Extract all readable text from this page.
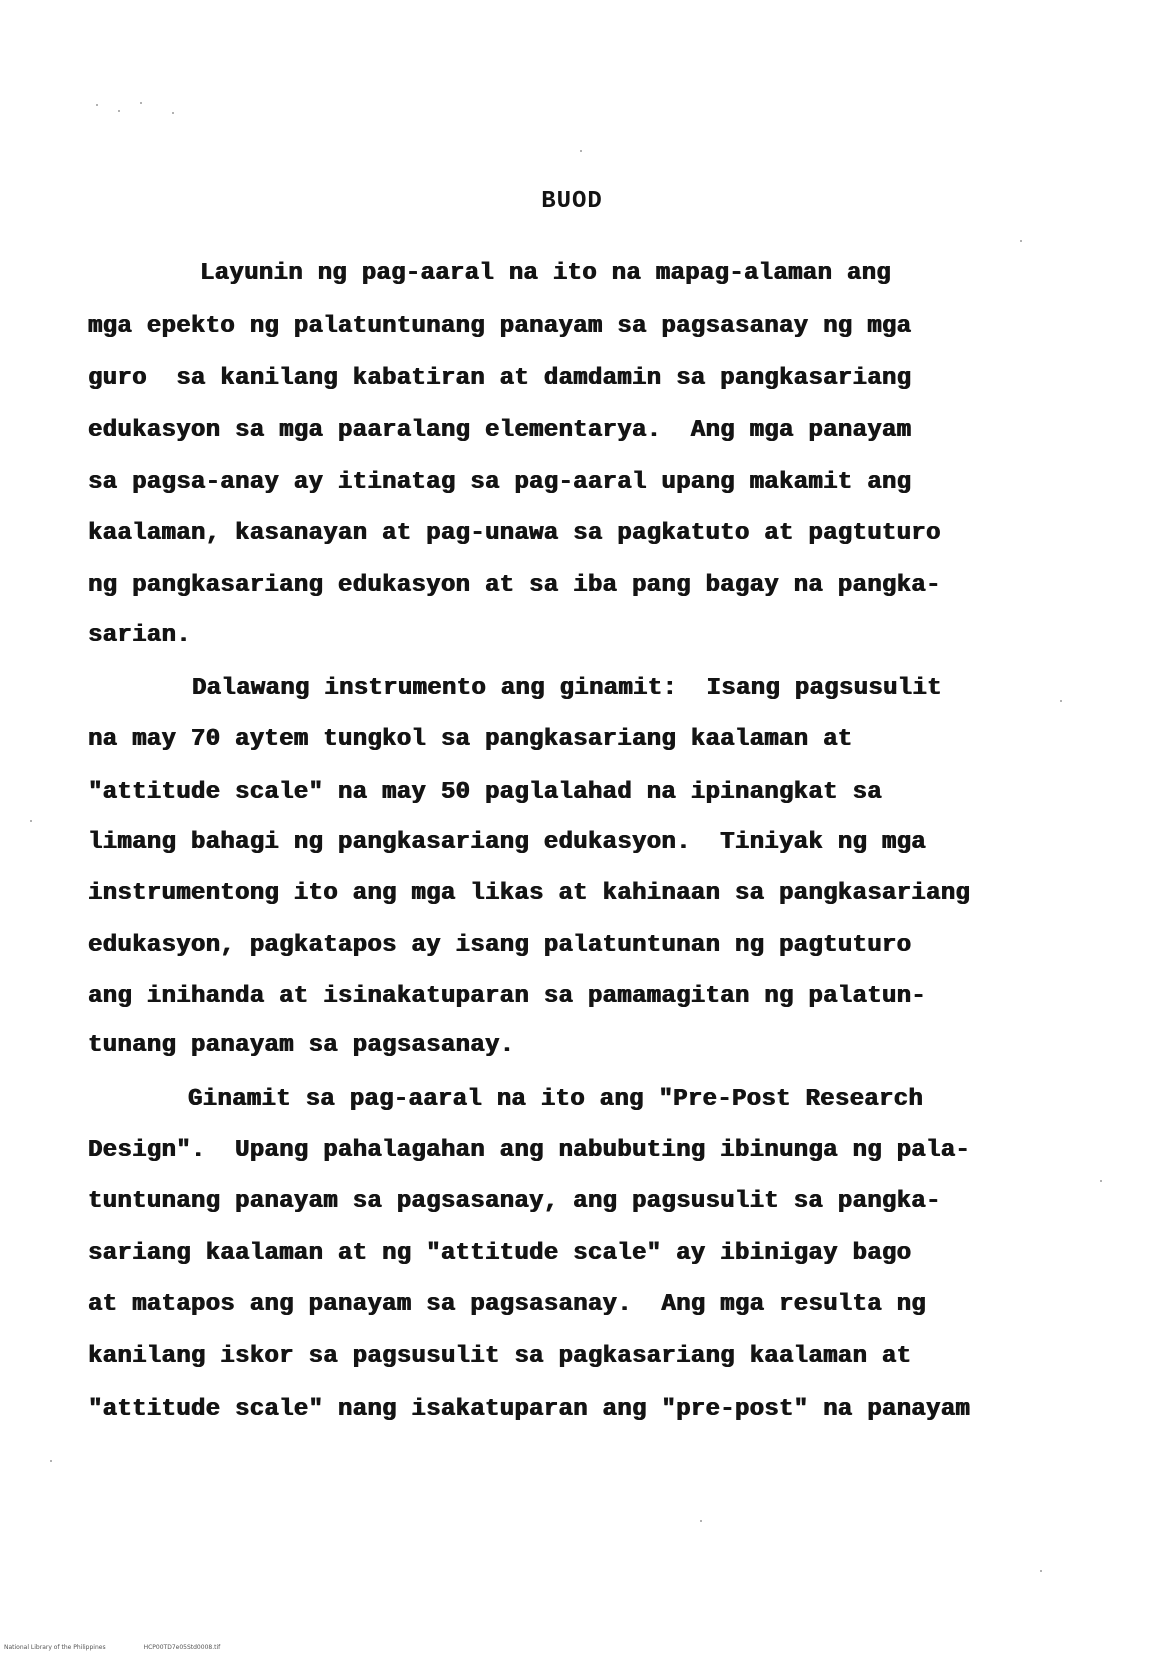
BUOD
Layunin ng pag-aaral na ito na mapag-alaman ang
mga epekto ng palatuntunang panayam sa pagsasanay ng mga
guro  sa kanilang kabatiran at damdamin sa pangkasariang
edukasyon sa mga paaralang elementarya.  Ang mga panayam
sa pagsa-anay ay itinatag sa pag-aaral upang makamit ang
kaalaman, kasanayan at pag-unawa sa pagkatuto at pagtuturo
ng pangkasariang edukasyon at sa iba pang bagay na pangka-
sarian.
Dalawang instrumento ang ginamit:  Isang pagsusulit
na may 70 aytem tungkol sa pangkasariang kaalaman at
"attitude scale" na may 50 paglalahad na ipinangkat sa
limang bahagi ng pangkasariang edukasyon.  Tiniyak ng mga
instrumentong ito ang mga likas at kahinaan sa pangkasariang
edukasyon, pagkatapos ay isang palatuntunan ng pagtuturo
ang inihanda at isinakatuparan sa pamamagitan ng palatun-
tunang panayam sa pagsasanay.
Ginamit sa pag-aaral na ito ang "Pre-Post Research
Design".  Upang pahalagahan ang nabubuting ibinunga ng pala-
tuntunang panayam sa pagsasanay, ang pagsusulit sa pangka-
sariang kaalaman at ng "attitude scale" ay ibinigay bago
at matapos ang panayam sa pagsasanay.  Ang mga resulta ng
kanilang iskor sa pagsusulit sa pagkasariang kaalaman at
"attitude scale" nang isakatuparan ang "pre-post" na panayam
National Library of the Philippines	HCP00TD7e05Std0008.tif
